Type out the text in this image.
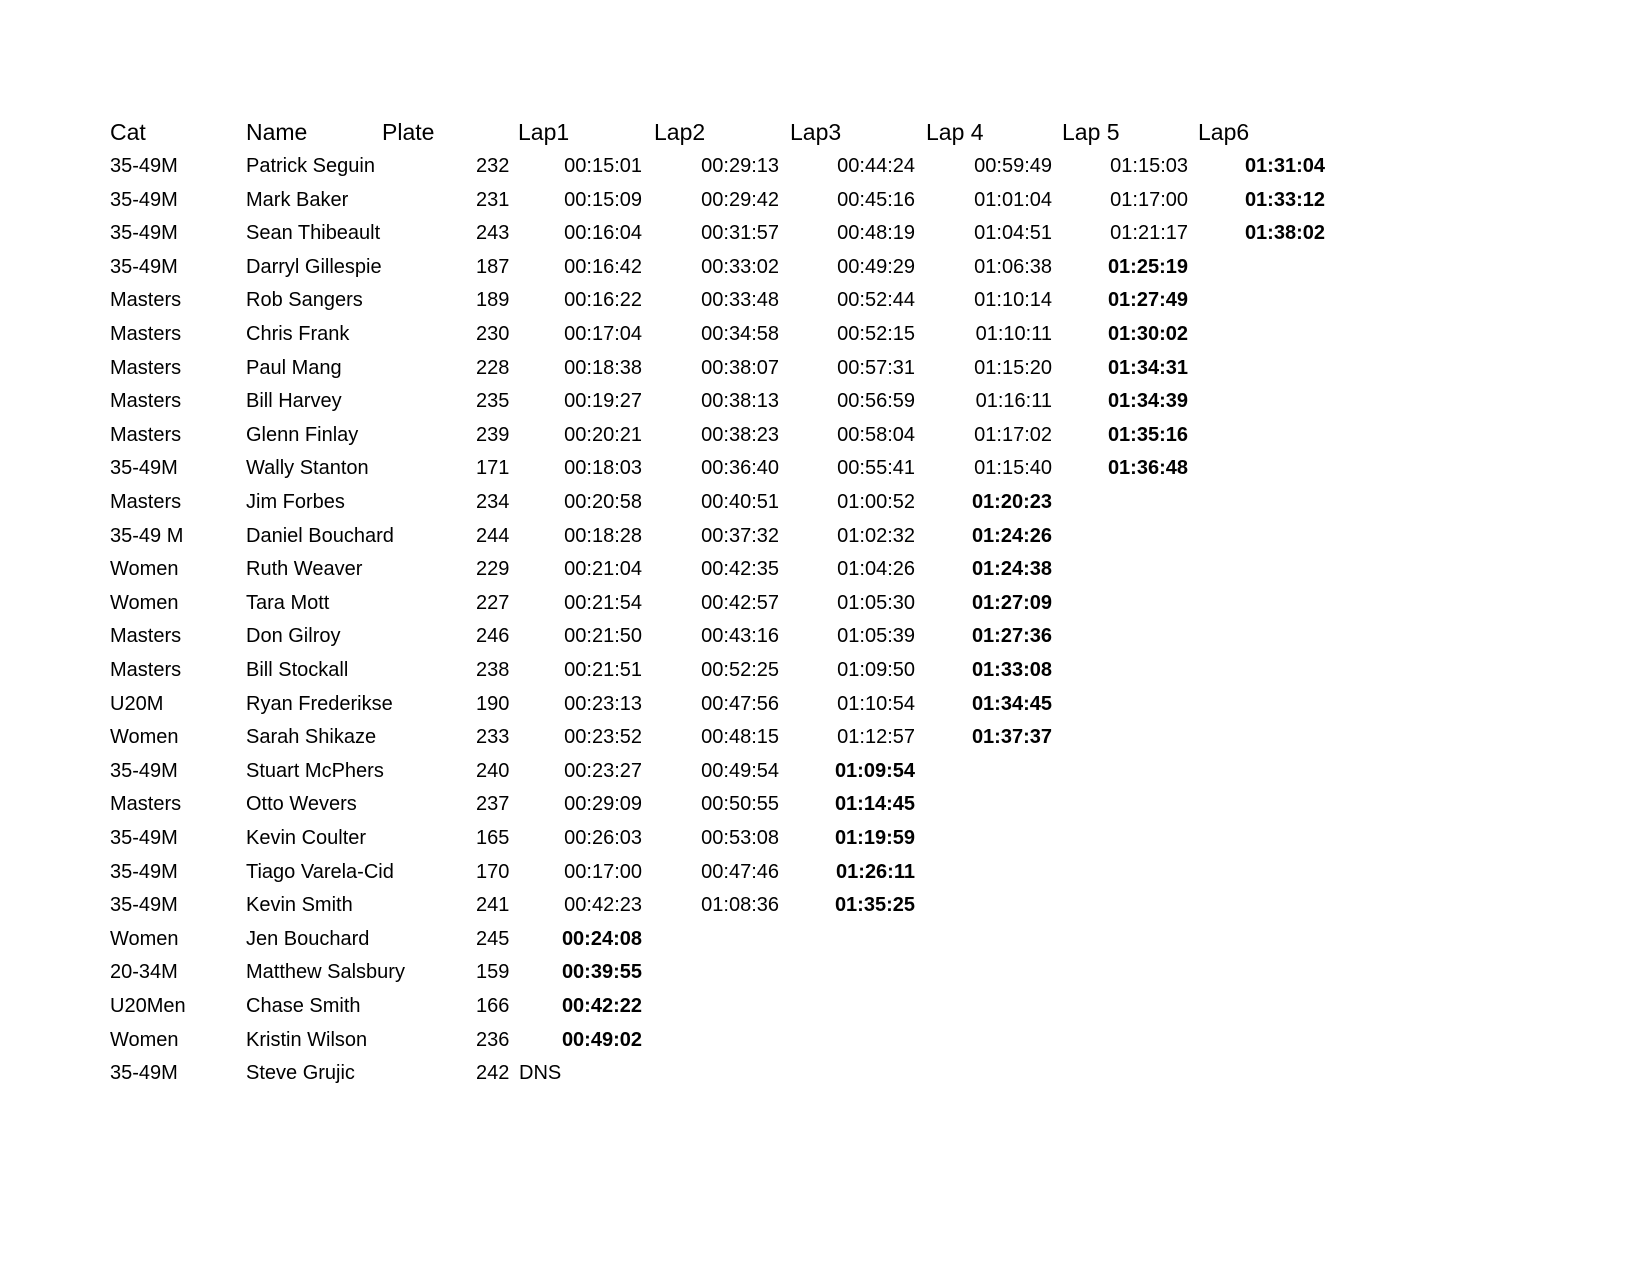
Cat	Name	Plate	Lap1	Lap2	Lap3	Lap 4	Lap 5	Lap6
35-49M	Patrick Seguin	232	00:15:01	00:29:13	00:44:24	00:59:49	01:15:03	01:31:04
35-49M	Mark Baker	231	00:15:09	00:29:42	00:45:16	01:01:04	01:17:00	01:33:12
35-49M	Sean Thibeault	243	00:16:04	00:31:57	00:48:19	01:04:51	01:21:17	01:38:02
35-49M	Darryl Gillespie	187	00:16:42	00:33:02	00:49:29	01:06:38	01:25:19
Masters	Rob Sangers	189	00:16:22	00:33:48	00:52:44	01:10:14	01:27:49
Masters	Chris Frank	230	00:17:04	00:34:58	00:52:15	01:10:11	01:30:02
Masters	Paul Mang	228	00:18:38	00:38:07	00:57:31	01:15:20	01:34:31
Masters	Bill Harvey	235	00:19:27	00:38:13	00:56:59	01:16:11	01:34:39
Masters	Glenn Finlay	239	00:20:21	00:38:23	00:58:04	01:17:02	01:35:16
35-49M	Wally Stanton	171	00:18:03	00:36:40	00:55:41	01:15:40	01:36:48
Masters	Jim Forbes	234	00:20:58	00:40:51	01:00:52	01:20:23
35-49 M	Daniel Bouchard	244	00:18:28	00:37:32	01:02:32	01:24:26
Women	Ruth Weaver	229	00:21:04	00:42:35	01:04:26	01:24:38
Women	Tara Mott	227	00:21:54	00:42:57	01:05:30	01:27:09
Masters	Don Gilroy	246	00:21:50	00:43:16	01:05:39	01:27:36
Masters	Bill Stockall	238	00:21:51	00:52:25	01:09:50	01:33:08
U20M	Ryan Frederikse	190	00:23:13	00:47:56	01:10:54	01:34:45
Women	Sarah Shikaze	233	00:23:52	00:48:15	01:12:57	01:37:37
35-49M	Stuart McPhers	240	00:23:27	00:49:54	01:09:54
Masters	Otto Wevers	237	00:29:09	00:50:55	01:14:45
35-49M	Kevin Coulter	165	00:26:03	00:53:08	01:19:59
35-49M	Tiago Varela-Cid	170	00:17:00	00:47:46	01:26:11
35-49M	Kevin Smith	241	00:42:23	01:08:36	01:35:25
Women	Jen Bouchard	245	00:24:08
20-34M	Matthew Salsbury	159	00:39:55
U20Men	Chase Smith	166	00:42:22
Women	Kristin Wilson	236	00:49:02
35-49M	Steve Grujic	242 DNS
